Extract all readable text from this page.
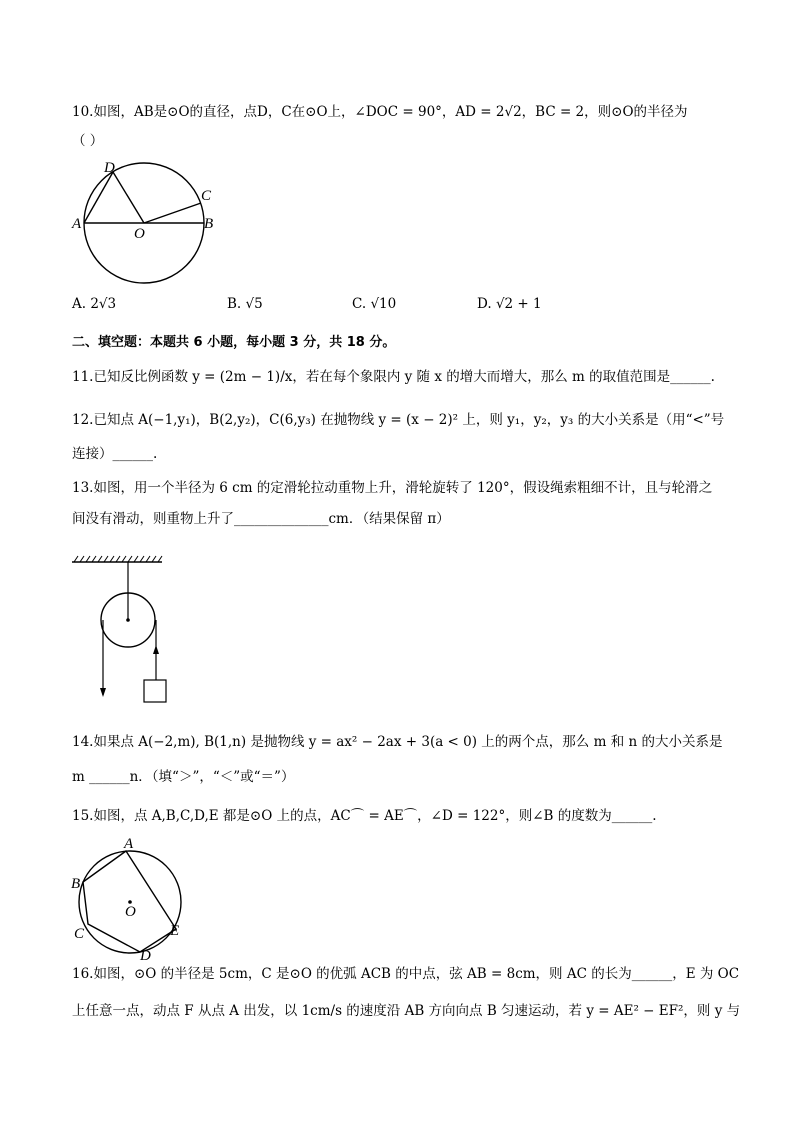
10.如图，AB是⊙O的直径，点D，C在⊙O上，∠DOC = 90°，AD = 2√2，BC = 2，则⊙O的半径为
（ ）
D
C
A
O
B
A. 2√3	B. √5	C. √10	D. √2 + 1
二、填空题：本题共 6 小题，每小题 3 分，共 18 分。
11.已知反比例函数 y = (2m − 1)/x，若在每个象限内 y 随 x 的增大而增大，那么 m 的取值范围是______.
12.已知点 A(−1,y₁)，B(2,y₂)，C(6,y₃) 在抛物线 y = (x − 2)² 上，则 y₁，y₂，y₃ 的大小关系是（用“<”号
连接）______.
13.如图，用一个半径为 6 cm 的定滑轮拉动重物上升，滑轮旋转了 120°，假设绳索粗细不计，且与轮滑之
间没有滑动，则重物上升了______________cm．（结果保留 π）
14.如果点 A(−2,m), B(1,n) 是抛物线 y = ax² − 2ax + 3(a < 0) 上的两个点，那么 m 和 n 的大小关系是
m ______n．（填“＞”，“＜”或“＝”）
15.如图，点 A,B,C,D,E 都是⊙O 上的点，AC⌒ = AE⌒，∠D = 122°，则∠B 的度数为______.
A
B
O
C
D
E
16.如图，⊙O 的半径是 5cm，C 是⊙O 的优弧 ACB 的中点，弦 AB = 8cm，则 AC 的长为______，E 为 OC
上任意一点，动点 F 从点 A 出发，以 1cm/s 的速度沿 AB 方向向点 B 匀速运动，若 y = AE² − EF²，则 y 与
